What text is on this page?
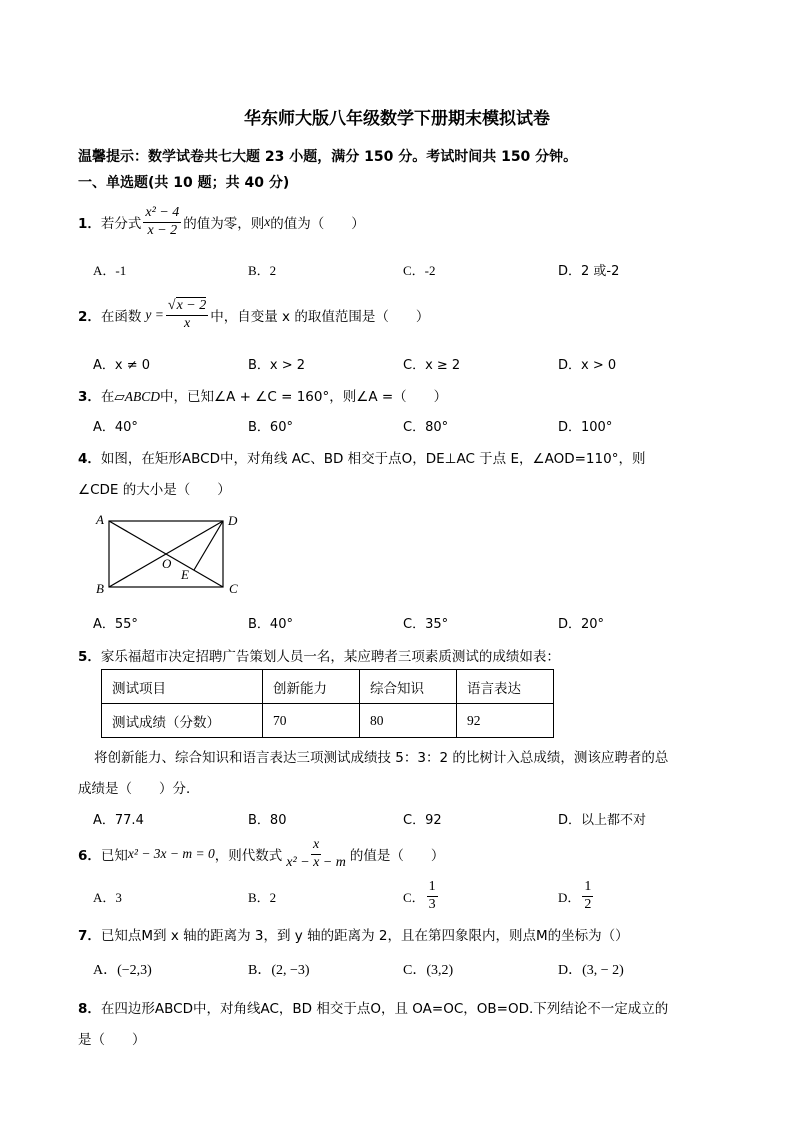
华东师大版八年级数学下册期末模拟试卷
温馨提示：数学试卷共七大题 23 小题，满分 150 分。考试时间共 150 分钟。
一、单选题(共 10 题；共 40 分)
1． 若分式 $\frac{\text{x² − 4}}{x - 2}$ 的值为零，则 x 的值为（　　）
A．-1	B．2	C．-2	D．2 或-2
2． 在函数 $y = \frac{√x - 2}{x}$ 中，自变量 x 的取值范围是（　　）
A．x ≠ 0	B．x > 2	C．x ≥ 2	D．x > 0
3．在▱ABCD中，已知∠A + ∠C = 160°，则∠A =（　　）
A．40°	B．60°	C．80°	D．100°
4．如图，在矩形ABCD中，对角线 AC、BD 相交于点O，DE⊥AC 于点 E，∠AOD=110°，则
∠CDE 的大小是（　　）
A
B	C
D
O
E
A．55°	B．40°	C．35°	D．20°
5．家乐福超市决定招聘广告策划人员一名，某应聘者三项素质测试的成绩如表：
测试项目	创新能力	综合知识	语言表达
测试成绩（分数）	70	80	92
将创新能力、综合知识和语言表达三项测试成绩技 5：3：2 的比树计入总成绩，测该应聘者的总
成绩是（　　）分．
A．77.4	B．80	C．92	D．以上都不对
6． 已知 x² − 3x − m = 0 ，则代数式 $\frac{x}{\text{x² − x − m}}$ 的值是（　　）
A．3	B．2	C． $\frac{1}{3}$	D． $\frac{1}{2}$
7．已知点M到 x 轴的距离为 3，到 y 轴的距离为 2，且在第四象限内，则点M的坐标为（）
A．(−2,3)	B．(2, −3)	C．(3,2)	D．(3, − 2)
8．在四边形ABCD中，对角线AC，BD 相交于点O，且 OA=OC，OB=OD.下列结论不一定成立的
是（　　）
